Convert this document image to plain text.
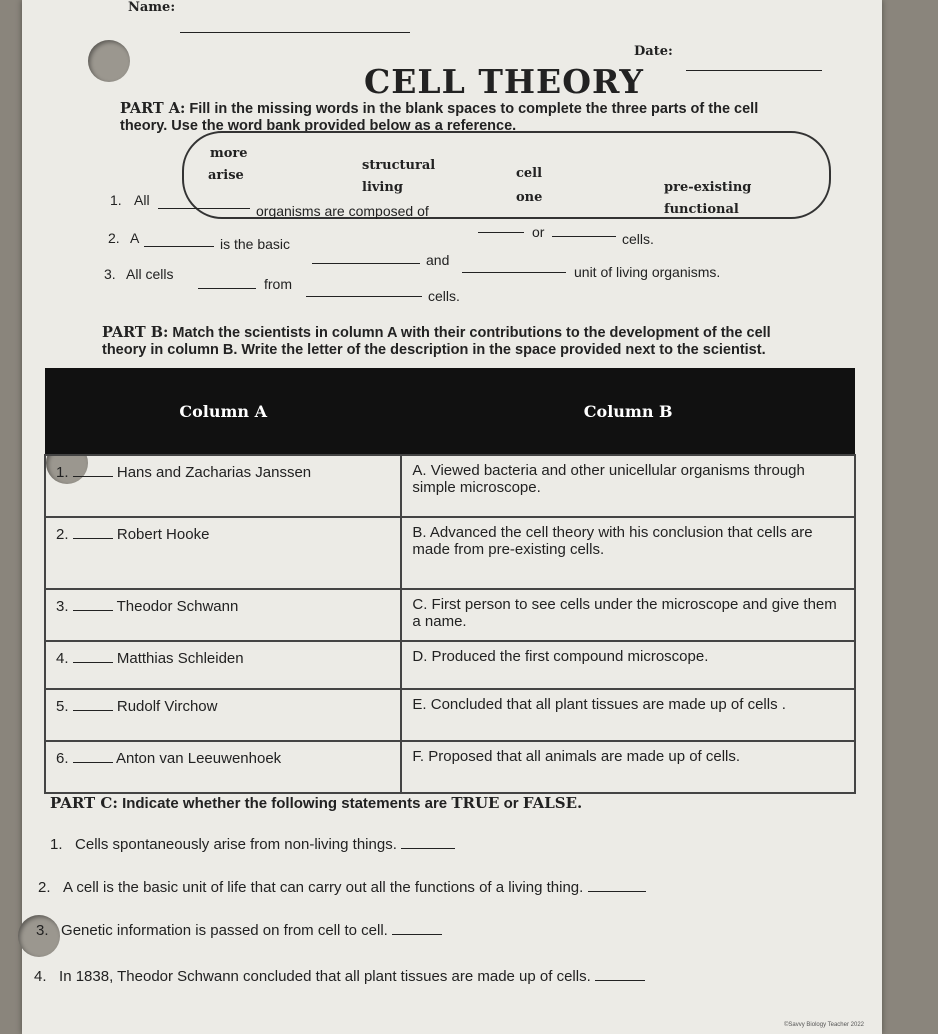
Name:
Date:
CELL THEORY
PART A: Fill in the missing words in the blank spaces to complete the three parts of the cell
theory. Use the word bank provided below as a reference.
more
structural
cell
arise
living
one
pre-existing
functional
1. All
organisms are composed of
or	cells.
2. A	is the basic
and
unit of living organisms.
3. All cells
from
cells.
PART B: Match the scientists in column A with their contributions to the development of the cell
theory in column B. Write the letter of the description in the space provided next to the scientist.
Column A	Column B
1. Hans and Zacharias Janssen	A. Viewed bacteria and other unicellular organisms through simple microscope.
2. Robert Hooke	B. Advanced the cell theory with his conclusion that cells are made from pre-existing cells.
3. Theodor Schwann	C. First person to see cells under the microscope and give them a name.
4. Matthias Schleiden	D. Produced the first compound microscope.
5. Rudolf Virchow	E. Concluded that all plant tissues are made up of cells .
6. Anton van Leeuwenhoek	F. Proposed that all animals are made up of cells.
PART C: Indicate whether the following statements are TRUE or FALSE.
1. Cells spontaneously arise from non-living things.
2. A cell is the basic unit of life that can carry out all the functions of a living thing.
3. Genetic information is passed on from cell to cell.
4. In 1838, Theodor Schwann concluded that all plant tissues are made up of cells.
©Savvy Biology Teacher 2022
